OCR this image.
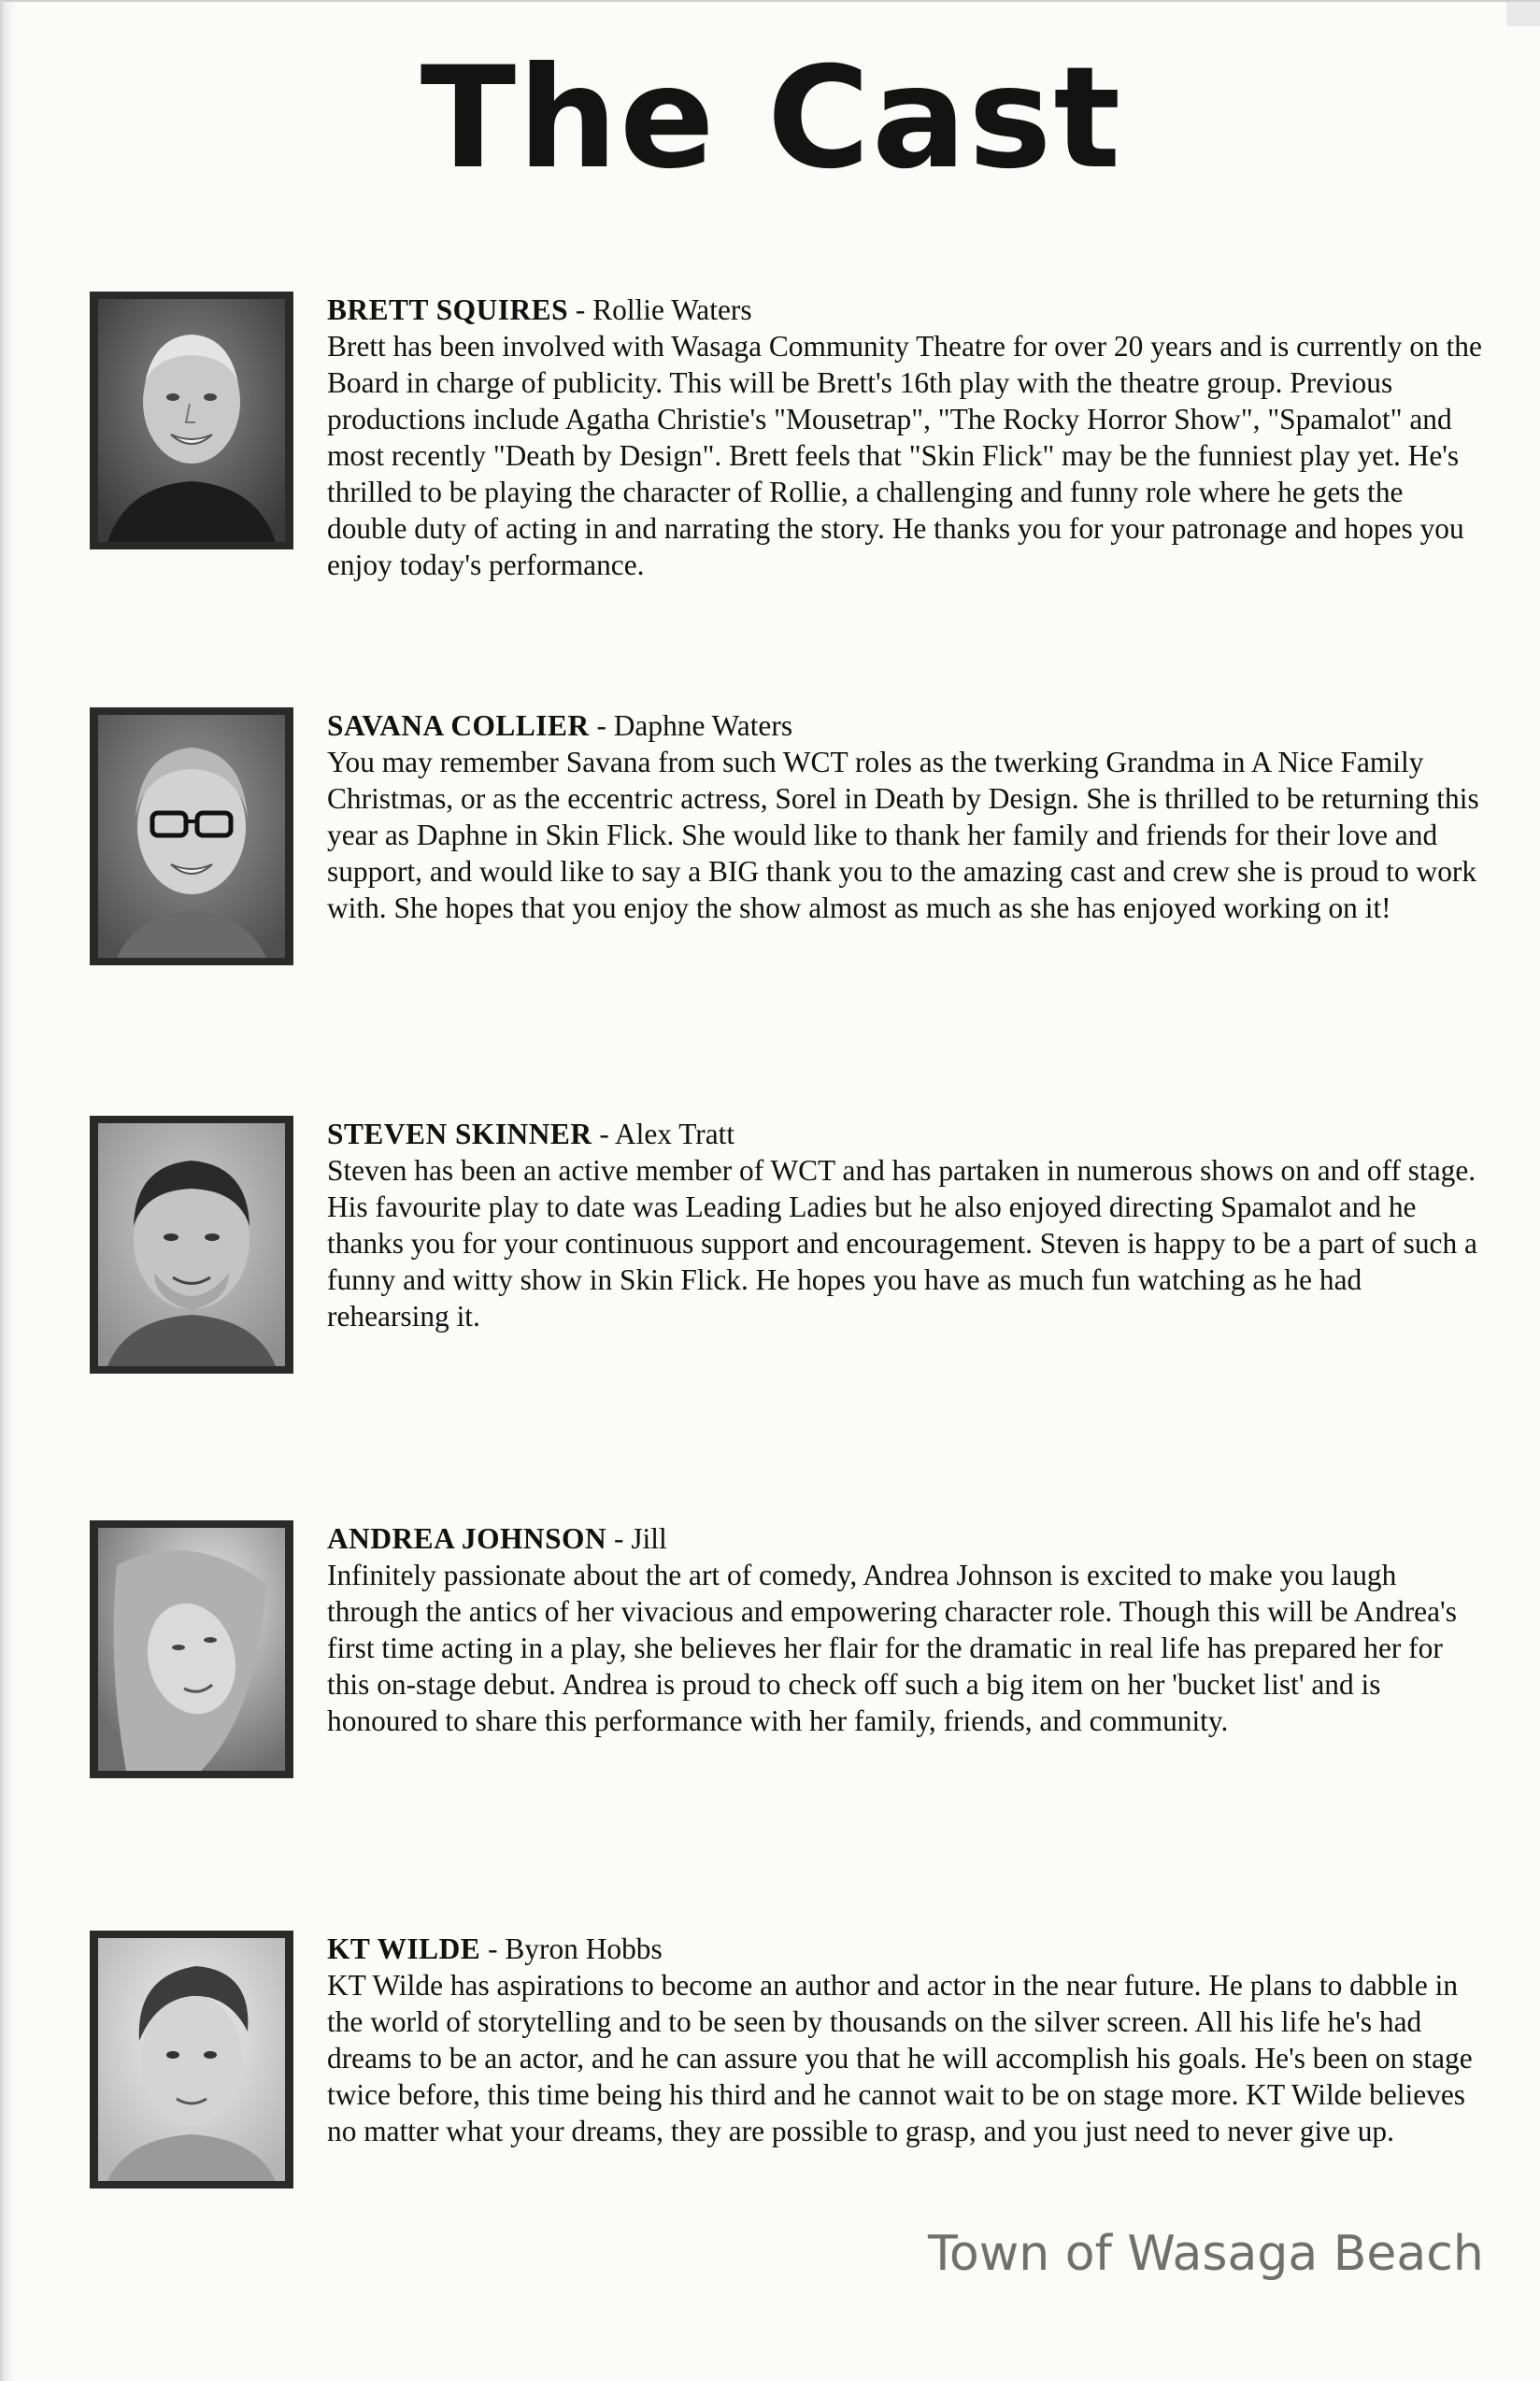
The Cast
BRETT SQUIRES - Rollie Waters
Brett has been involved with Wasaga Community Theatre for over 20 years and is currently on the Board in charge of publicity. This will be Brett's 16th play with the theatre group. Previous productions include Agatha Christie's "Mousetrap", "The Rocky Horror Show", "Spamalot" and most recently "Death by Design". Brett feels that "Skin Flick" may be the funniest play yet. He's thrilled to be playing the character of Rollie, a challenging and funny role where he gets the double duty of acting in and narrating the story. He thanks you for your patronage and hopes you enjoy today's performance.
SAVANA COLLIER - Daphne Waters
You may remember Savana from such WCT roles as the twerking Grandma in A Nice Family Christmas, or as the eccentric actress, Sorel in Death by Design. She is thrilled to be returning this year as Daphne in Skin Flick. She would like to thank her family and friends for their love and support, and would like to say a BIG thank you to the amazing cast and crew she is proud to work with. She hopes that you enjoy the show almost as much as she has enjoyed working on it!
STEVEN SKINNER - Alex Tratt
Steven has been an active member of WCT and has partaken in numerous shows on and off stage. His favourite play to date was Leading Ladies but he also enjoyed directing Spamalot and he thanks you for your continuous support and encouragement. Steven is happy to be a part of such a funny and witty show in Skin Flick. He hopes you have as much fun watching as he had rehearsing it.
ANDREA JOHNSON - Jill
Infinitely passionate about the art of comedy, Andrea Johnson is excited to make you laugh through the antics of her vivacious and empowering character role. Though this will be Andrea's first time acting in a play, she believes her flair for the dramatic in real life has prepared her for this on-stage debut. Andrea is proud to check off such a big item on her 'bucket list' and is honoured to share this performance with her family, friends, and community.
KT WILDE - Byron Hobbs
KT Wilde has aspirations to become an author and actor in the near future. He plans to dabble in the world of storytelling and to be seen by thousands on the silver screen. All his life he's had dreams to be an actor, and he can assure you that he will accomplish his goals. He's been on stage twice before, this time being his third and he cannot wait to be on stage more. KT Wilde believes no matter what your dreams, they are possible to grasp, and you just need to never give up.
Town of Wasaga Beach
